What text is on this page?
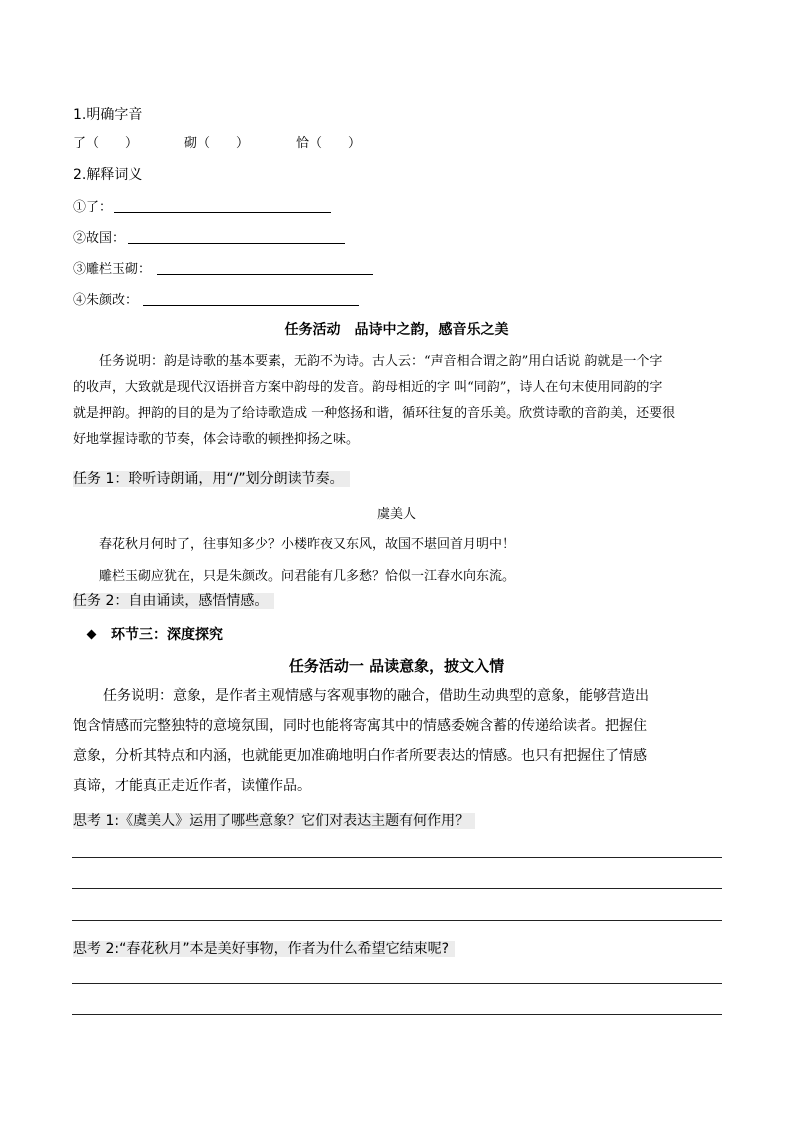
1.明确字音
了（　　）	砌（　　）	恰（　　）
2.解释词义
①了：
②故国：
③雕栏玉砌：
④朱颜改：
任务活动　品诗中之韵，感音乐之美
任务说明：韵是诗歌的基本要素，无韵不为诗。古人云：“声音相合谓之韵”用白话说 韵就是一个字
的收声，大致就是现代汉语拼音方案中韵母的发音。韵母相近的字 叫“同韵”，诗人在句末使用同韵的字
就是押韵。押韵的目的是为了给诗歌造成 一种悠扬和谐，循环往复的音乐美。欣赏诗歌的音韵美，还要很
好地掌握诗歌的节奏，体会诗歌的顿挫抑扬之味。
任务 1：聆听诗朗诵，用“/”划分朗读节奏。
虞美人
春花秋月何时了，往事知多少？小楼昨夜又东风，故国不堪回首月明中！
雕栏玉砌应犹在，只是朱颜改。问君能有几多愁？恰似一江春水向东流。
任务 2：自由诵读，感悟情感。
环节三：深度探究
任务活动一 品读意象，披文入情
任务说明：意象，是作者主观情感与客观事物的融合，借助生动典型的意象，能够营造出
饱含情感而完整独特的意境氛围，同时也能将寄寓其中的情感委婉含蓄的传递给读者。把握住
意象，分析其特点和内涵，也就能更加准确地明白作者所要表达的情感。也只有把握住了情感
真谛，才能真正走近作者，读懂作品。
思考 1:《虞美人》运用了哪些意象？它们对表达主题有何作用？
思考 2:“春花秋月”本是美好事物，作者为什么希望它结束呢?
